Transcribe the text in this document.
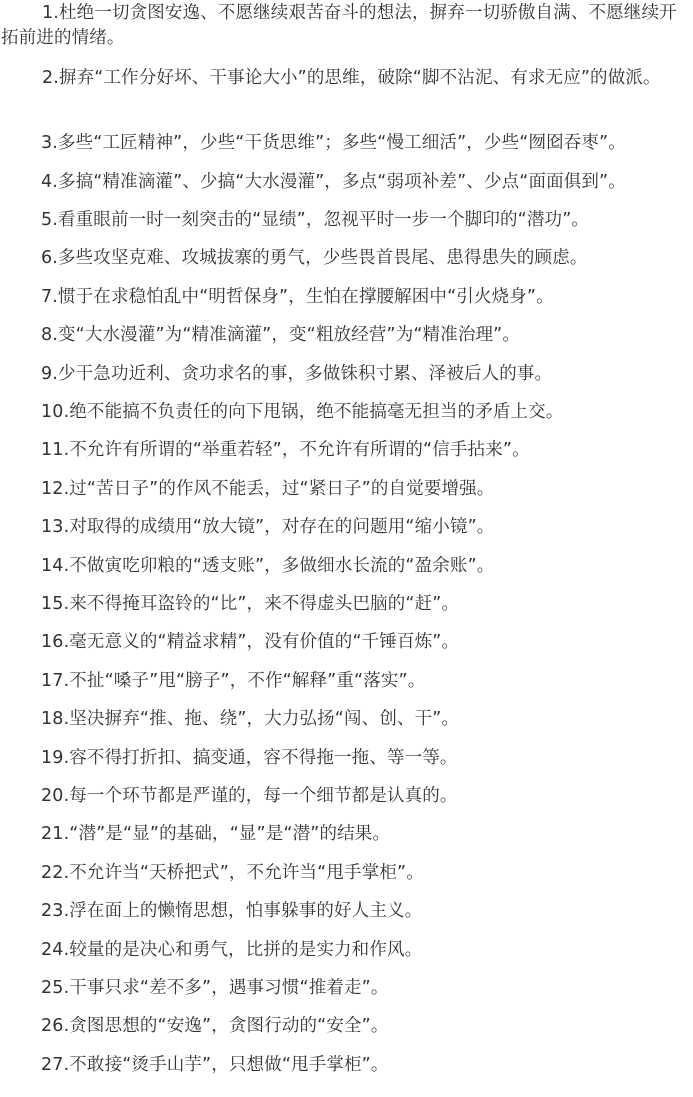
1.杜绝一切贪图安逸、不愿继续艰苦奋斗的想法，摒弃一切骄傲自满、不愿继续开拓前进的情绪。

2.摒弃“工作分好坏、干事论大小”的思维，破除“脚不沾泥、有求无应”的做派。

3.多些“工匠精神”，少些“干货思维”；多些“慢工细活”，少些“囫囵吞枣”。
4.多搞“精准滴灌”、少搞“大水漫灌”，多点“弱项补差”、少点“面面俱到”。
5.看重眼前一时一刻突击的“显绩”，忽视平时一步一个脚印的“潜功”。
6.多些攻坚克难、攻城拔寨的勇气，少些畏首畏尾、患得患失的顾虑。
7.惯于在求稳怕乱中“明哲保身”，生怕在撑腰解困中“引火烧身”。
8.变“大水漫灌”为“精准滴灌”，变“粗放经营”为“精准治理”。
9.少干急功近利、贪功求名的事，多做铢积寸累、泽被后人的事。
10.绝不能搞不负责任的向下甩锅，绝不能搞毫无担当的矛盾上交。
11.不允许有所谓的“举重若轻”，不允许有所谓的“信手拈来”。
12.过“苦日子”的作风不能丢，过“紧日子”的自觉要增强。
13.对取得的成绩用“放大镜”，对存在的问题用“缩小镜”。
14.不做寅吃卯粮的“透支账”，多做细水长流的“盈余账”。
15.来不得掩耳盗铃的“比”，来不得虚头巴脑的“赶”。
16.毫无意义的“精益求精”，没有价值的“千锤百炼”。
17.不扯“嗓子”甩“膀子”，不作“解释”重“落实”。
18.坚决摒弃“推、拖、绕”，大力弘扬“闯、创、干”。
19.容不得打折扣、搞变通，容不得拖一拖、等一等。
20.每一个环节都是严谨的，每一个细节都是认真的。
21.“潜”是“显”的基础，“显”是“潜”的结果。
22.不允许当“天桥把式”，不允许当“甩手掌柜”。
23.浮在面上的懒惰思想，怕事躲事的好人主义。
24.较量的是决心和勇气，比拼的是实力和作风。
25.干事只求“差不多”，遇事习惯“推着走”。
26.贪图思想的“安逸”，贪图行动的“安全”。
27.不敢接“烫手山芋”，只想做“甩手掌柜”。
